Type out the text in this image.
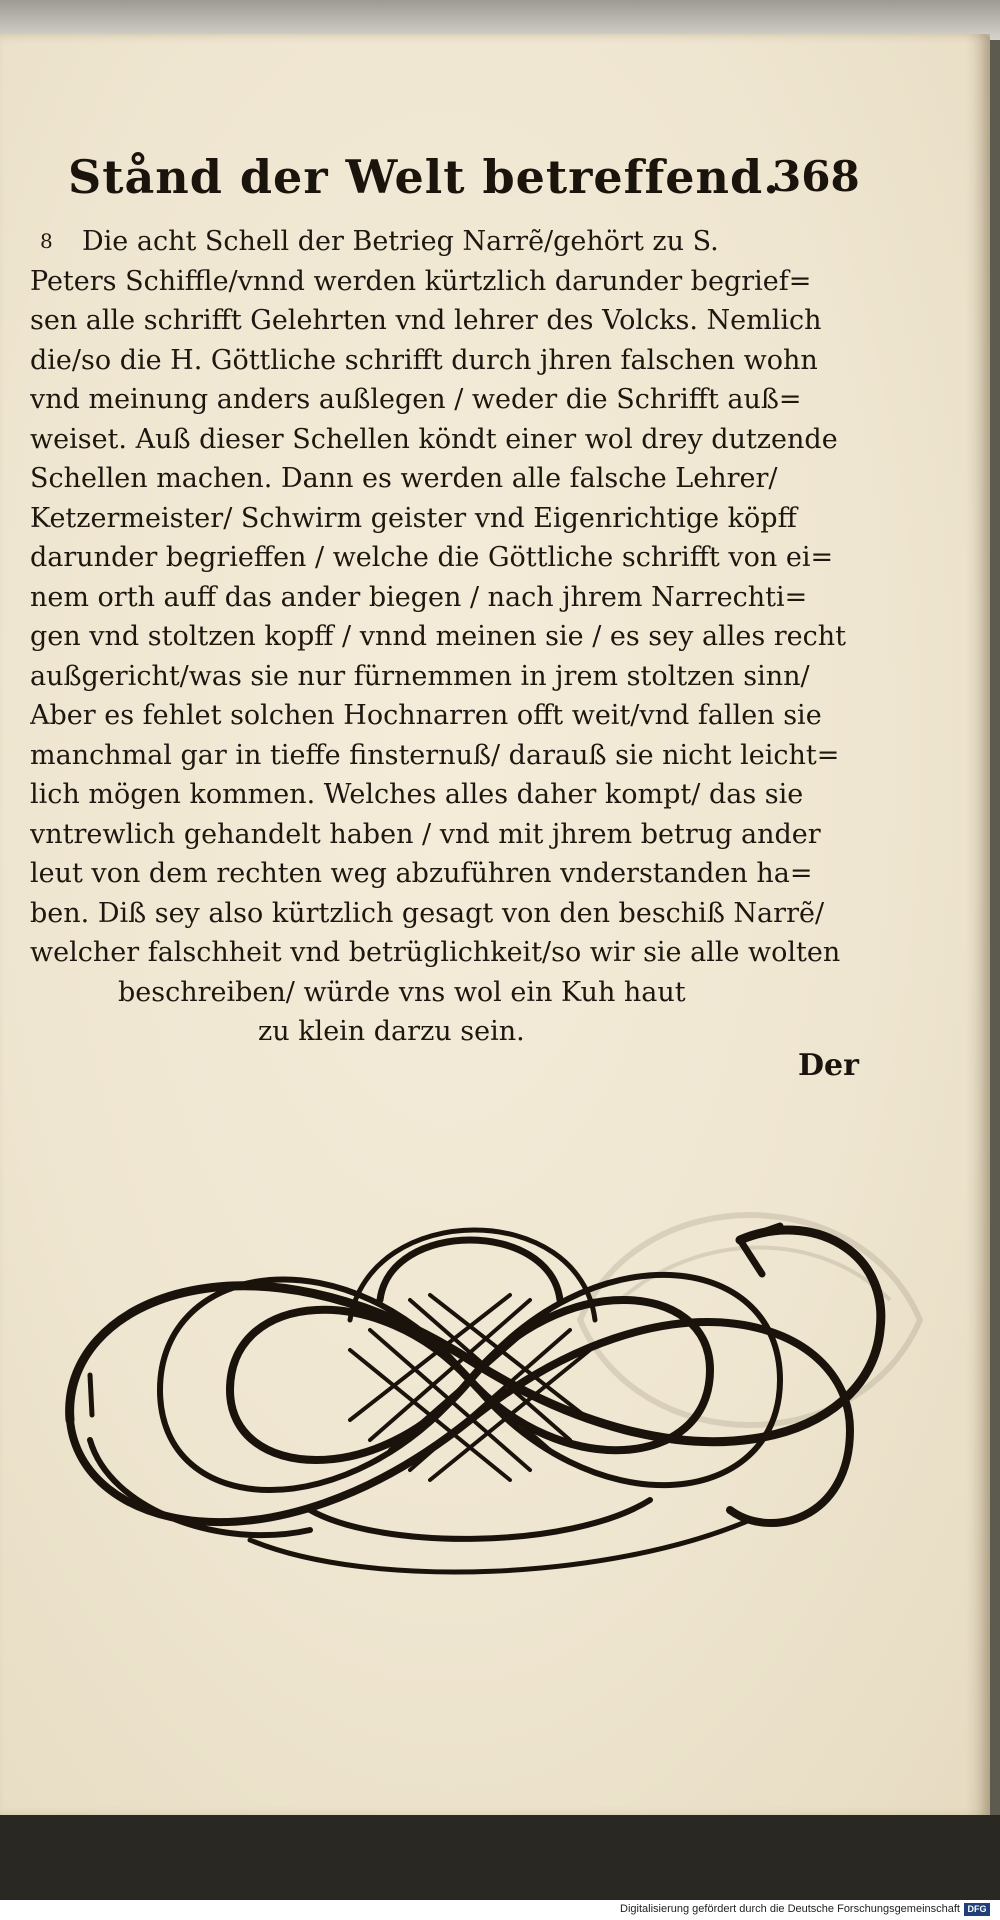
Stånd der Welt betreffend.
368
8 Die acht Schell der Betrieg Narrẽ/gehört zu S.
Peters Schiffle/vnnd werden kürtzlich darunder begrief=
sen alle schrifft Gelehrten vnd lehrer des Volcks. Nemlich
die/so die H. Göttliche schrifft durch jhren falschen wohn
vnd meinung anders außlegen / weder die Schrifft auß=
weiset. Auß dieser Schellen köndt einer wol drey dutzende
Schellen machen. Dann es werden alle falsche Lehrer/
Ketzermeister/ Schwirm geister vnd Eigenrichtige köpff
darunder begrieffen / welche die Göttliche schrifft von ei=
nem orth auff das ander biegen / nach jhrem Narrechti=
gen vnd stoltzen kopff / vnnd meinen sie / es sey alles recht
außgericht/was sie nur fürnemmen in jrem stoltzen sinn/
Aber es fehlet solchen Hochnarren offt weit/vnd fallen sie
manchmal gar in tieffe finsternuß/ darauß sie nicht leicht=
lich mögen kommen. Welches alles daher kompt/ das sie
vntrewlich gehandelt haben / vnd mit jhrem betrug ander
leut von dem rechten weg abzuführen vnderstanden ha=
ben. Diß sey also kürtzlich gesagt von den beschiß Narrẽ/
welcher falschheit vnd betrüglichkeit/so wir sie alle wolten
beschreiben/ würde vns wol ein Kuh haut
zu klein darzu sein.
Der
Digitalisierung gefördert durch die Deutsche Forschungsgemeinschaft DFG
